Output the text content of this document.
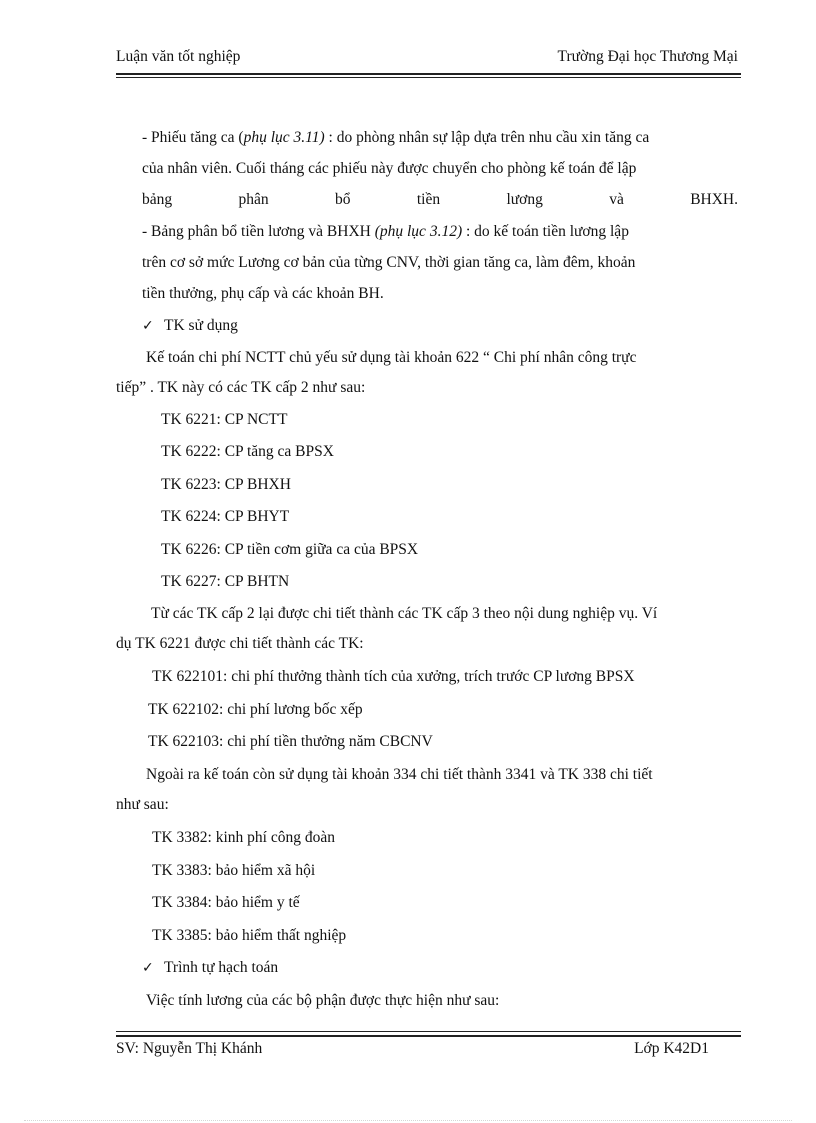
Luận văn tốt nghiệp	Trường Đại học Thương Mại
- Phiếu tăng ca (phụ lục 3.11) : do phòng nhân sự lập dựa trên nhu cầu xin tăng ca
của nhân viên. Cuối tháng các phiếu này được chuyển cho phòng kế toán để lập
bảng phân bổ tiền lương và BHXH.
- Bảng phân bổ tiền lương và BHXH (phụ lục 3.12) : do kế toán tiền lương lập
trên cơ sở mức Lương cơ bản của từng CNV, thời gian tăng ca, làm đêm, khoản
tiền thưởng, phụ cấp và các khoản BH.
✓ TK sử dụng
Kế toán chi phí NCTT chủ yếu sử dụng tài khoản 622 “ Chi phí nhân công trực
tiếp” . TK này có các TK cấp 2 như sau:
TK 6221: CP NCTT
TK 6222: CP tăng ca BPSX
TK 6223: CP BHXH
TK 6224: CP BHYT
TK 6226: CP tiền cơm giữa ca của BPSX
TK 6227: CP BHTN
Từ các TK cấp 2 lại được chi tiết thành các TK cấp 3 theo nội dung nghiệp vụ. Ví
dụ TK 6221 được chi tiết thành các TK:
TK 622101: chi phí thưởng thành tích của xưởng, trích trước CP lương BPSX
TK 622102: chi phí lương bốc xếp
TK 622103: chi phí tiền thưởng năm CBCNV
Ngoài ra kế toán còn sử dụng tài khoản 334 chi tiết thành 3341 và TK 338 chi tiết
như sau:
TK 3382: kinh phí công đoàn
TK 3383: bảo hiểm xã hội
TK 3384: bảo hiểm y tế
TK 3385: bảo hiểm thất nghiệp
✓ Trình tự hạch toán
Việc tính lương của các bộ phận được thực hiện như sau:
SV: Nguyễn Thị Khánh	Lớp K42D1
